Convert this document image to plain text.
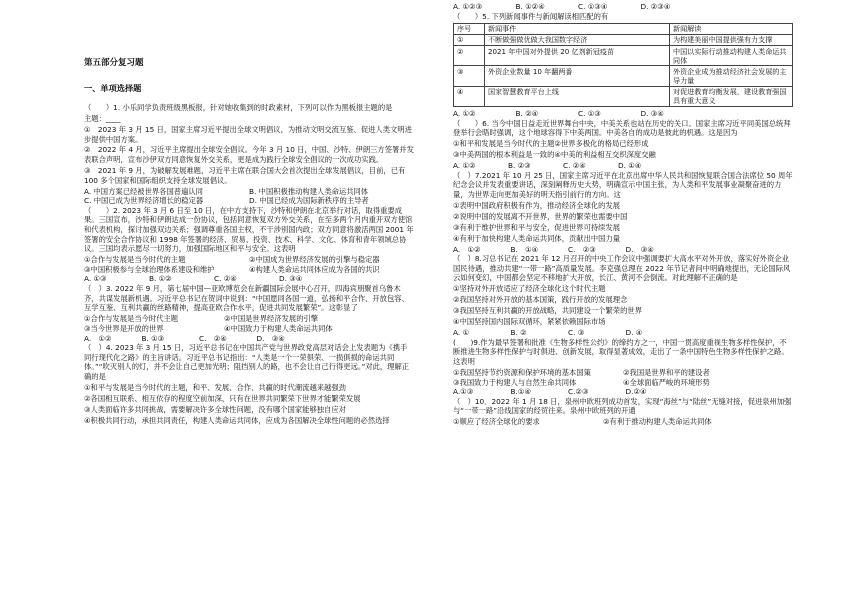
第五部分复习题

一、单项选择题

（　　）1. 小乐同学负责班级黑板报，针对她收集到的时政素材，下列可以作为黑板报主题的是

主题：____

①　2023 年 3 月 15 日，国家主席习近平提出全球文明倡议，为推动文明交流互鉴、促进人类文明进步提供中国方案。

②　2022 年 4 月，习近平主席提出全球安全倡议。今年 3 月 10 日，中国、沙特、伊朗三方签署并发表联合声明，宣布沙伊双方同意恢复外交关系，更是成为践行全球安全倡议的一次成功实践。

③　2021 年 9 月，为破解发展难题，习近平主席在联合国大会首次提出全球发展倡议，目前，已有 100 多个国家和国际组织支持全球发展倡议。

A. 中国方案已经被世界各国普遍认同	B. 中国积极推动构建人类命运共同体
C. 中国已成为世界经济增长的稳定器	D. 中国已经成为国际新秩序的主导者

（　　）2. 2023 年 3 月 6 日至 10 日，在中方支持下，沙特和伊朗在北京举行对话，取得重要成果。三国宣布，沙特和伊朗达成一份协议，包括同意恢复双方外交关系，在至多两个月内重开双方使馆和代表机构，探讨加强双边关系；强调尊重各国主权，不干涉别国内政；双方同意将激活两国 2001 年签署的安全合作协议和 1998 年签署的经济、贸易、投资、技术、科学、文化、体育和青年领域总协议。三国均表示愿尽一切努力，加强国际地区和平与安全。这表明

①合作与发展是当今时代的主题	②中国成为世界经济发展的引擎与稳定器
③中国积极参与全球治理体系建设和维护	④构建人类命运共同体应成为各国的共识
A. ①③	B. ①②	C. ②④	D. ③④

（　）3. 2022 年 9 月，第七届中国—亚欧博览会在新疆国际会展中心召开，四海宾朋聚首乌鲁木齐，共谋发展新机遇。习近平总书记在贺词中说到：“中国愿同各国一道，弘扬和平合作、开放包容、互学互鉴、互利共赢的丝路精神，提高亚欧合作水平，促进共同发展繁荣”。这彰显了

①合作与发展是当今时代主题	②中国是世界经济发展的引擎
③当今世界是开放的世界	④中国致力于构建人类命运共同体
A.　①②	B. ①③	C.　②④	D.　③④

（　）4. 2023 年 3 月 15 日，习近平总书记在中国共产党与世界政党高层对话会上发表题为《携手同行现代化之路》的主旨讲话。习近平总书记指出：“人类是一个一荣俱荣、一损俱损的命运共同体。”“吹灭别人的灯，并不会让自己更加光明；阻挡别人的路，也不会让自己行得更远。”对此，理解正确的是

①和平与发展是当今时代的主题，和平、发展、合作、共赢的时代潮流越来越强劲

②各国相互联系、相互依存的程度空前加深，只有在世界共同繁荣下世界才能繁荣发展

③人类面临许多共同挑战，需要解决许多全球性问题，没有哪个国家能够独自应对

④积极共同行动，承担共同责任，构建人类命运共同体，应成为各国解决全球性问题的必然选择

A. ①②③	B. ①②④	C. ①③④	D. ②③④

（　　）5. 下列新闻事件与新闻解读相匹配的有

序号	新闻事件	新闻解读
①	不断做强做优做大我国数字经济	为构建美丽中国提供强有力支撑
②	2021 年中国对外提供 20 亿剂新冠疫苗	中国以实际行动推动构建人类命运共同体
③	外资企业数量 10 年翻两番	外资企业成为推动经济社会发展的主导力量
④	国家智慧教育平台上线	对促进教育均衡发展，建设教育强国具有重大意义
A. ①②	B. ②④	C. ①③	D. ③④

（　　）6. 当今中国日益走近世界舞台中央，中美关系也站在历史的关口。国家主席习近平同美国总统拜登举行会晤时强调，这个地球容得下中美两国。中美各自的成功是彼此的机遇。这是因为

①和平和发展是当今时代的主题②世界多极化的格局已经形成

③中美两国的根本利益是一致的④中美的利益相互交织深度交融

A. ①②	B. ②③	C. ②④	D. ①④

（　）7.2021 年 10 月 25 日，国家主席习近平在北京出席中华人民共和国恢复联合国合法席位 50 周年纪念会议并发表重要讲话，深刻阐释历史大势，明确宣示中国主张，为人类和平发展事业凝聚奋进的力量，为世界走向更加美好的明天指引前行的方向。这

①表明中国政府积极有作为，推动经济全球化的发展

②说明中国的发展离不开世界，世界的繁荣也需要中国

③有利于维护世界和平与安全，促进世界可持续发展

④有利于加快构建人类命运共同体，贡献出中国力量

A.　①②	B.　①④	C.　②③	D.　③④

（　）8.习总书记在 2021 年 12 月召开的中央工作会议中强调要扩大高水平对外开放，落实好外资企业国民待遇，推动共建“一带一路”高质量发展。李克强总理在 2022 年节记者问中明确地提出，无论国际风云如何变幻，中国都会坚定不移地扩大开放，长江、黄河不会倒流。对此理解不正确的是

①坚持对外开放适应了经济全球化这个时代主题

②我国坚持对外开放的基本国策，践行开放的发展理念

③我国坚持互利共赢的开放战略，共同建设一个繁荣的世界

④中国坚持国内国际双循环，紧紧依赖国际市场

A. ①	B. ②	C. ③	D. ④

(　　)9.作为最早签署和批准《生物多样性公约》的缔约方之一，中国一贯高度重视生物多样性保护，不断推进生物多样性保护与时俱进、创新发展，取得显著成效，走出了一条中国特色生物多样性保护之路。这表明

①我国坚持节约资源和保护环境的基本国策	②我国是世界和平的建设者
③我国致力于构建人与自然生命共同体	④全球面临严峻的环境形势
A.①③	B.①④	C.②③	D.②④

（　）10．2022 年 1 月 18 日，泉州中欧班列成功首发，实现“海丝”与“陆丝”无缝对接，促进泉州加强与“一带一路”沿线国家的经贸往来。泉州中欧班列的开通

①顺应了经济全球化的要求	②有利于推动构建人类命运共同体
